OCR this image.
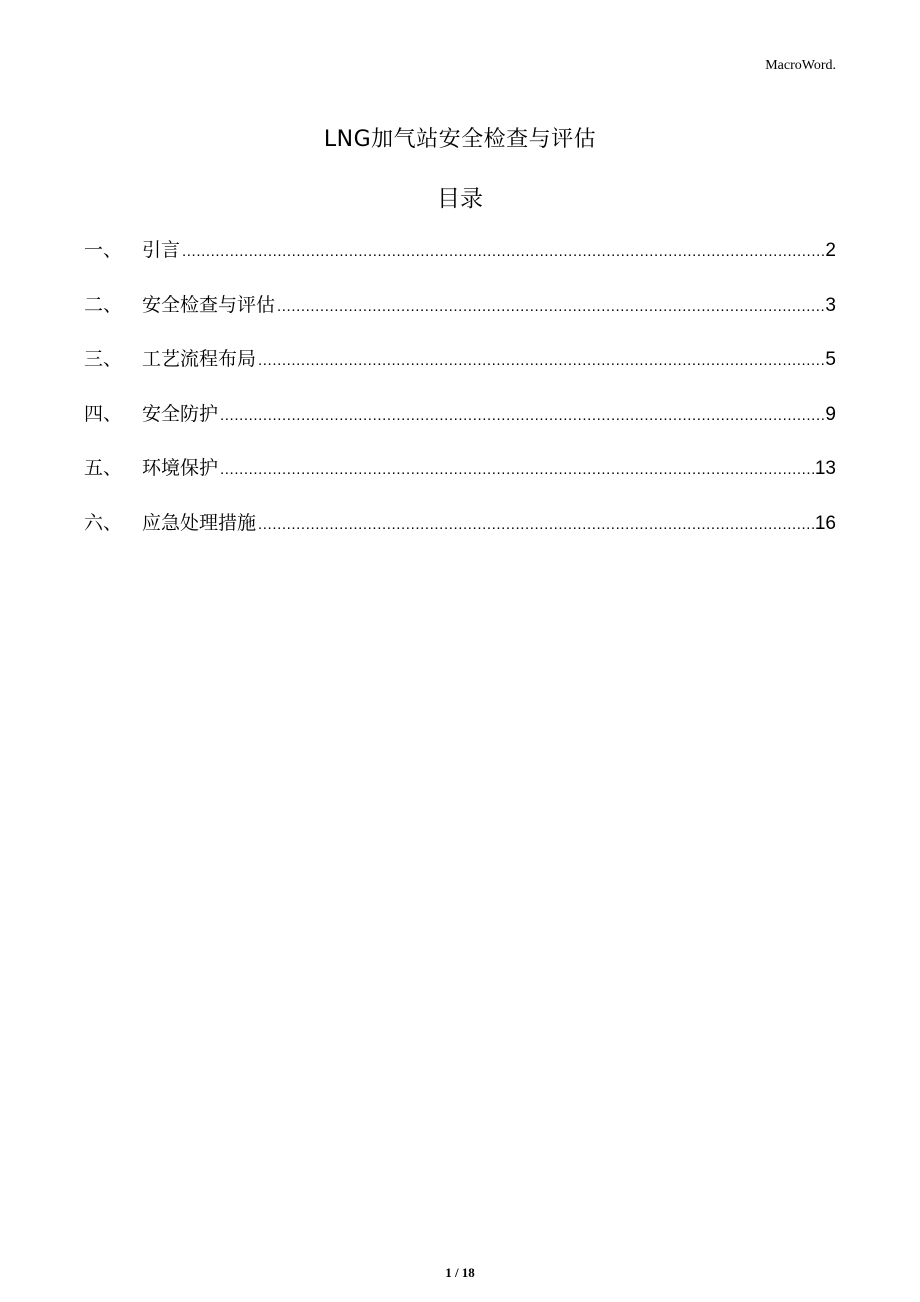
MacroWord.
LNG加气站安全检查与评估
目录
一、	引言 .....	2
二、	安全检查与评估 .....	3
三、	工艺流程布局 .....	5
四、	安全防护 .....	9
五、	环境保护 .....	13
六、	应急处理措施 .....	16
1 / 18
